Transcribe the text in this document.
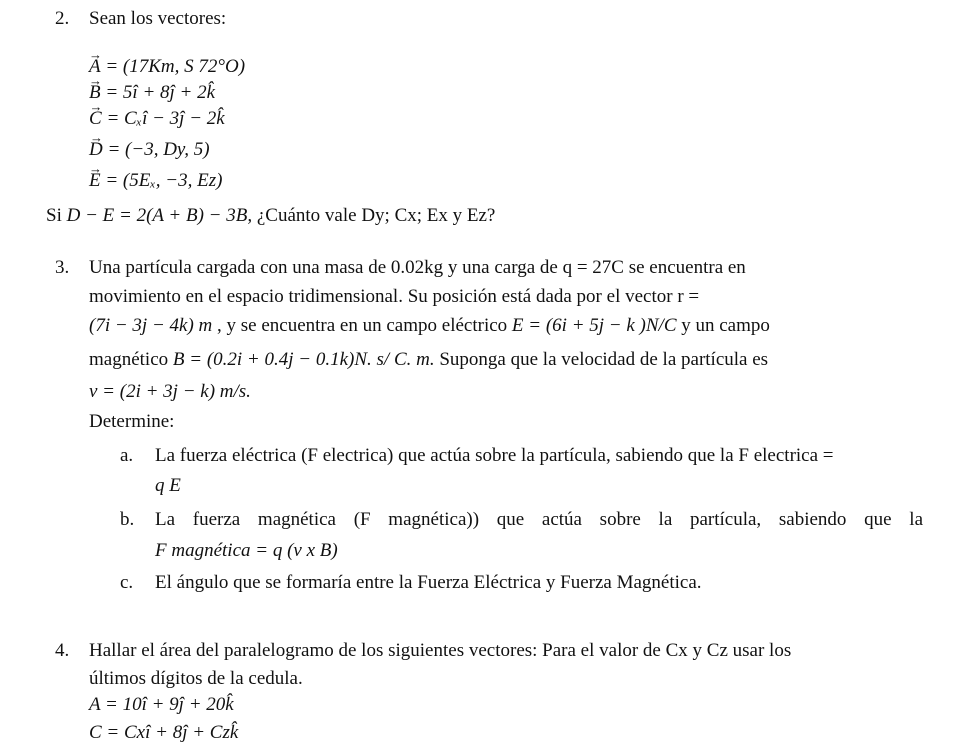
2. Sean los vectores:
→ A = (17Km, S 72°O)
→ B = 5î + 8ĵ + 2k̂
→ C = Cₓî − 3ĵ − 2k̂
→ D = (−3, Dy, 5)
→ E = (5Eₓ, −3, Ez)
Si D − E = 2(A + B) − 3B, ¿Cuánto vale Dy; Cx; Ex y Ez?
3. Una partícula cargada con una masa de 0.02kg y una carga de q = 27C se encuentra en
movimiento en el espacio tridimensional. Su posición está dada por el vector r =
(7i − 3j − 4k) m , y se encuentra en un campo eléctrico E = (6i + 5j − k )N/C y un campo
magnético B = (0.2i + 0.4j − 0.1k)N. s/ C. m. Suponga que la velocidad de la partícula es
v = (2i + 3j − k) m/s.
Determine:
a. La fuerza eléctrica (F electrica) que actúa sobre la partícula, sabiendo que la F electrica =
q E
b. La fuerza magnética (F magnética)) que actúa sobre la partícula, sabiendo que la
F magnética = q (v x B)
c. El ángulo que se formaría entre la Fuerza Eléctrica y Fuerza Magnética.
4. Hallar el área del paralelogramo de los siguientes vectores: Para el valor de Cx y Cz usar los
últimos dígitos de la cedula.
A = 10î + 9ĵ + 20k̂
C = Cxî + 8ĵ + Czk̂
